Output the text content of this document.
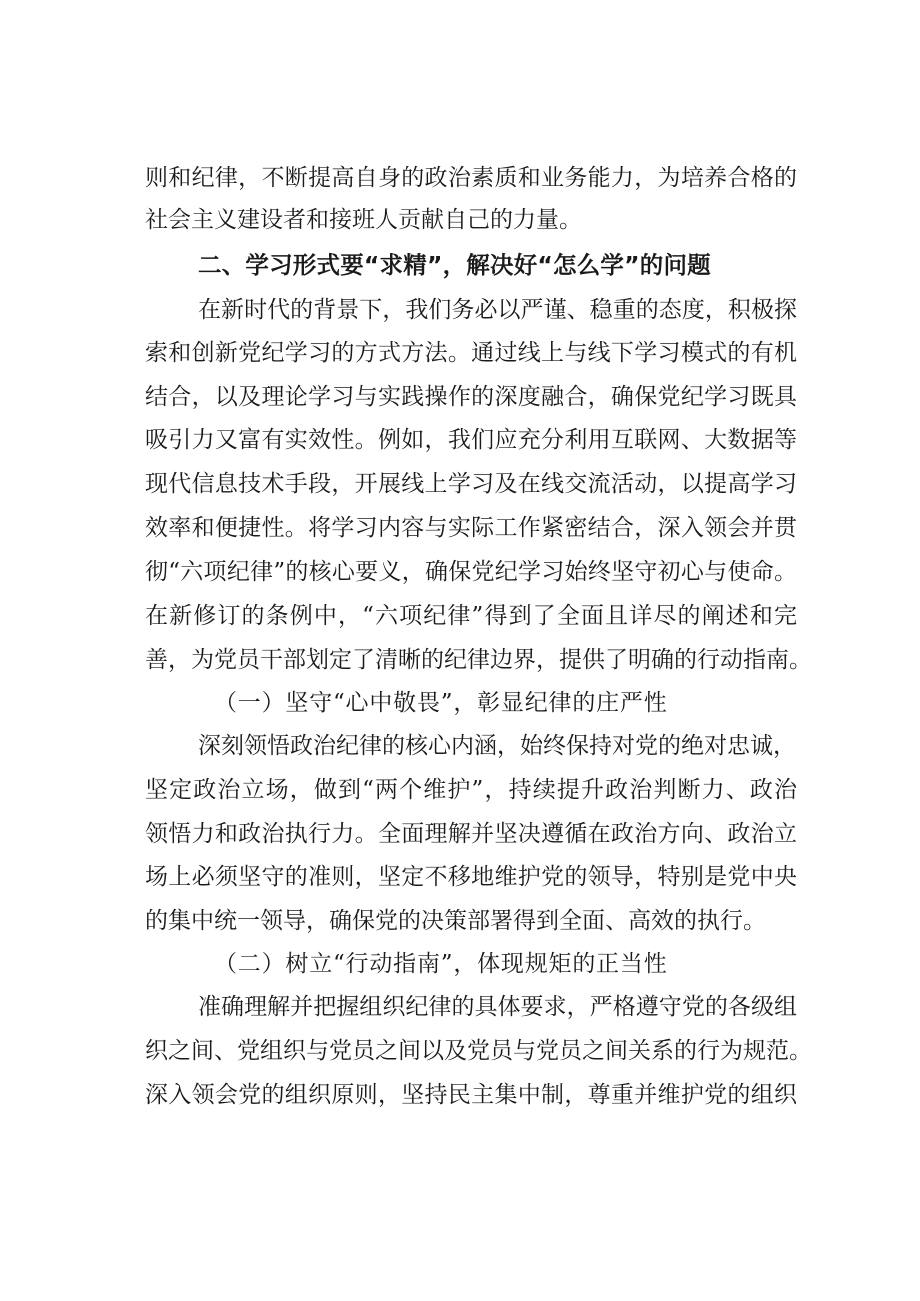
则和纪律，不断提高自身的政治素质和业务能力，为培养合格的
社会主义建设者和接班人贡献自己的力量。
二、学习形式要“求精”，解决好“怎么学”的问题
在新时代的背景下，我们务必以严谨、稳重的态度，积极探
索和创新党纪学习的方式方法。通过线上与线下学习模式的有机
结合，以及理论学习与实践操作的深度融合，确保党纪学习既具
吸引力又富有实效性。例如，我们应充分利用互联网、大数据等
现代信息技术手段，开展线上学习及在线交流活动，以提高学习
效率和便捷性。将学习内容与实际工作紧密结合，深入领会并贯
彻“六项纪律”的核心要义，确保党纪学习始终坚守初心与使命。
在新修订的条例中，“六项纪律”得到了全面且详尽的阐述和完
善，为党员干部划定了清晰的纪律边界，提供了明确的行动指南。
（一）坚守“心中敬畏”，彰显纪律的庄严性
深刻领悟政治纪律的核心内涵，始终保持对党的绝对忠诚，
坚定政治立场，做到“两个维护”，持续提升政治判断力、政治
领悟力和政治执行力。全面理解并坚决遵循在政治方向、政治立
场上必须坚守的准则，坚定不移地维护党的领导，特别是党中央
的集中统一领导，确保党的决策部署得到全面、高效的执行。
（二）树立“行动指南”，体现规矩的正当性
准确理解并把握组织纪律的具体要求，严格遵守党的各级组
织之间、党组织与党员之间以及党员与党员之间关系的行为规范。
深入领会党的组织原则，坚持民主集中制，尊重并维护党的组织
